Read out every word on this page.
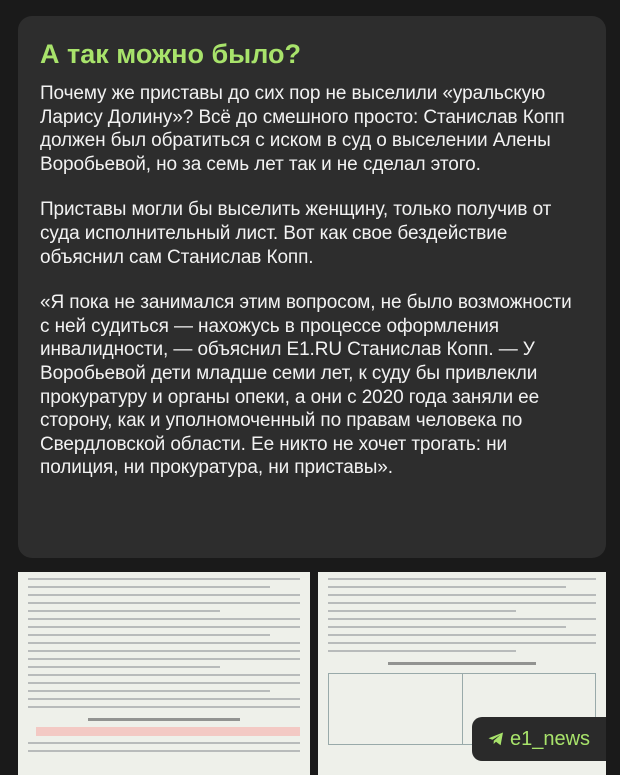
А так можно было?

Почему же приставы до сих пор не выселили «уральскую Ларису Долину»? Всё до смешного просто: Станислав Копп должен был обратиться с иском в суд о выселении Алены Воробьевой, но за семь лет так и не сделал этого.

Приставы могли бы выселить женщину, только получив от суда исполнительный лист. Вот как свое бездействие объяснил сам Станислав Копп.

«Я пока не занимался этим вопросом, не было возможности с ней судиться — нахожусь в процессе оформления инвалидности, — объяснил E1.RU Станислав Копп. — У Воробьевой дети младше семи лет, к суду бы привлекли прокуратуру и органы опеки, а они с 2020 года заняли ее сторону, как и уполномоченный по правам человека по Свердловской области. Ее никто не хочет трогать: ни полиция, ни прокуратура, ни приставы».

e1_news
